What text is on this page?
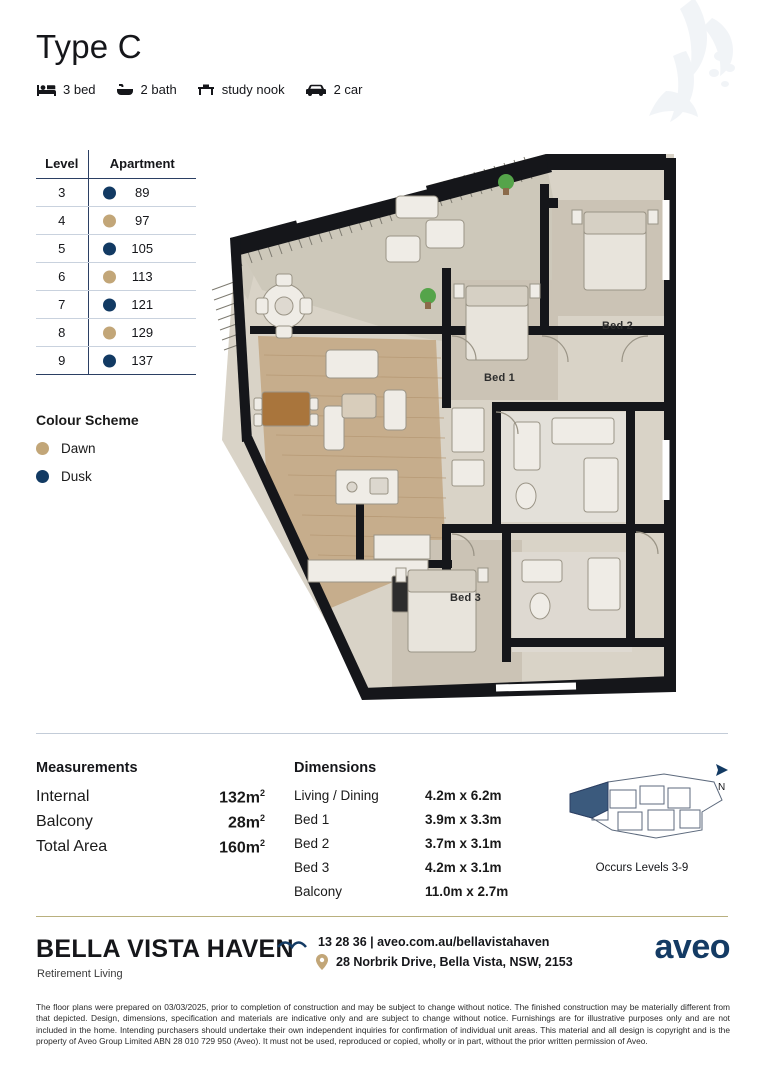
Type C
3 bed	2 bath	study nook	2 car
Level	Apartment
3	89

4	97

5	105

6	113

7	121

8	129

9	137
Colour Scheme
Dawn
Dusk
Bed 2
Bed 1
Bed 3
Measurements
Internal	$132m^2$
Balcony	$28m^2$
Total Area	$160m^2$
Dimensions
Living / Dining	4.2m x 6.2m
Bed 1	3.9m x 3.3m
Bed 2	3.7m x 3.1m
Bed 3	4.2m x 3.1m
Balcony	11.0m x 2.7m
N
Occurs Levels 3-9
BELLA VISTA HAVEN
Retirement Living
13 28 36 | aveo.com.au/bellavistahaven
28 Norbrik Drive, Bella Vista, NSW, 2153 aveo
The floor plans were prepared on 03/03/2025, prior to completion of construction and may be subject to change without notice. The finished construction may be materially different from that depicted. Design, dimensions, specification and materials are indicative only and are subject to change without notice. Furnishings are for illustrative purposes only and are not included in the home. Intending purchasers should undertake their own independent inquiries for confirmation of individual unit areas. This material and all design is copyright and is the property of Aveo Group Limited ABN 28 010 729 950 (Aveo). It must not be used, reproduced or copied, wholly or in part, without the prior written permission of Aveo.
